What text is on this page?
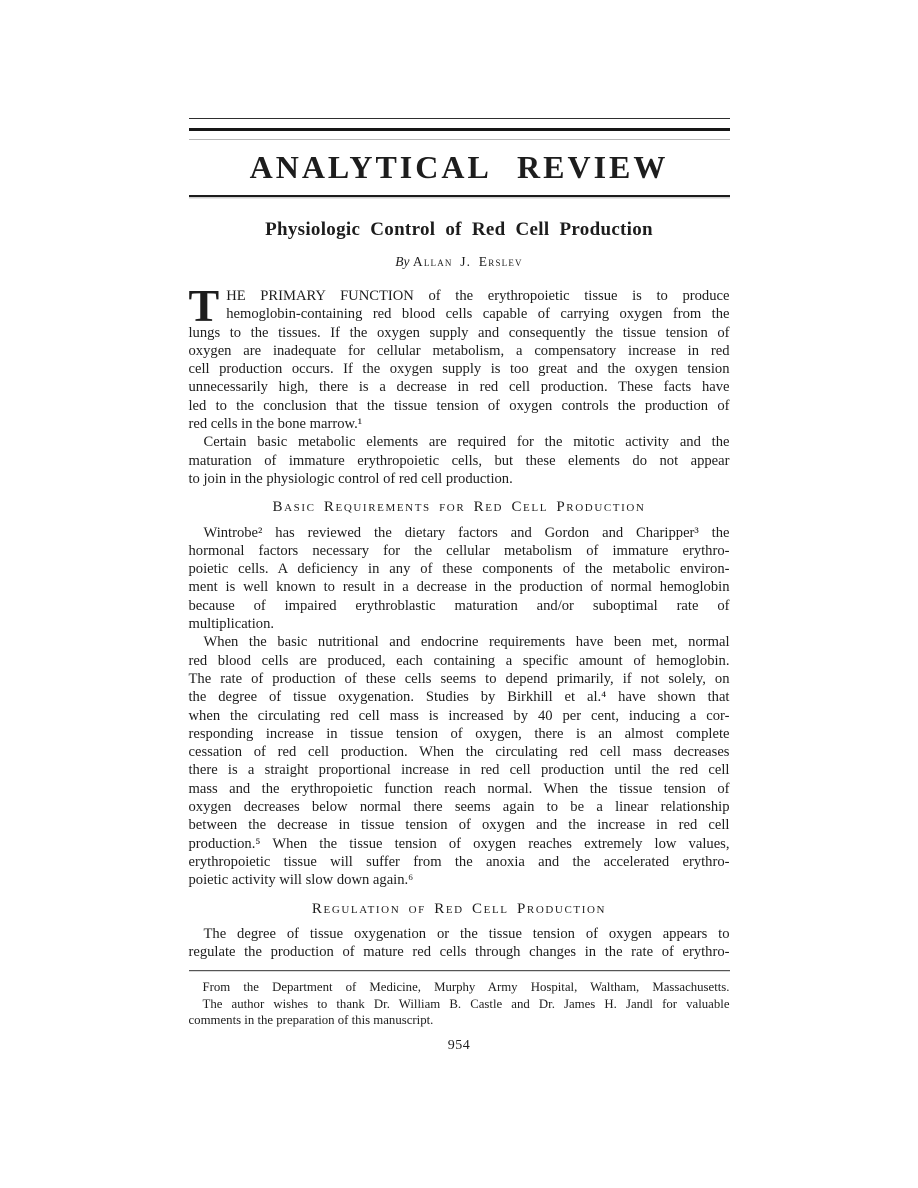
ANALYTICAL REVIEW
Physiologic Control of Red Cell Production
By Allan J. Erslev
T HE PRIMARY FUNCTION of the erythropoietic tissue is to produce
hemoglobin-containing red blood cells capable of carrying oxygen from the
lungs to the tissues. If the oxygen supply and consequently the tissue tension of
oxygen are inadequate for cellular metabolism, a compensatory increase in red
cell production occurs. If the oxygen supply is too great and the oxygen tension
unnecessarily high, there is a decrease in red cell production. These facts have
led to the conclusion that the tissue tension of oxygen controls the production of
red cells in the bone marrow.¹
Certain basic metabolic elements are required for the mitotic activity and the
maturation of immature erythropoietic cells, but these elements do not appear
to join in the physiologic control of red cell production.
Basic Requirements for Red Cell Production
Wintrobe² has reviewed the dietary factors and Gordon and Charipper³ the
hormonal factors necessary for the cellular metabolism of immature erythro-
poietic cells. A deficiency in any of these components of the metabolic environ-
ment is well known to result in a decrease in the production of normal hemoglobin
because of impaired erythroblastic maturation and/or suboptimal rate of
multiplication.
When the basic nutritional and endocrine requirements have been met, normal
red blood cells are produced, each containing a specific amount of hemoglobin.
The rate of production of these cells seems to depend primarily, if not solely, on
the degree of tissue oxygenation. Studies by Birkhill et al.⁴ have shown that
when the circulating red cell mass is increased by 40 per cent, inducing a cor-
responding increase in tissue tension of oxygen, there is an almost complete
cessation of red cell production. When the circulating red cell mass decreases
there is a straight proportional increase in red cell production until the red cell
mass and the erythropoietic function reach normal. When the tissue tension of
oxygen decreases below normal there seems again to be a linear relationship
between the decrease in tissue tension of oxygen and the increase in red cell
production.⁵ When the tissue tension of oxygen reaches extremely low values,
erythropoietic tissue will suffer from the anoxia and the accelerated erythro-
poietic activity will slow down again.⁶
Regulation of Red Cell Production
The degree of tissue oxygenation or the tissue tension of oxygen appears to
regulate the production of mature red cells through changes in the rate of erythro-
From the Department of Medicine, Murphy Army Hospital, Waltham, Massachusetts.
The author wishes to thank Dr. William B. Castle and Dr. James H. Jandl for valuable
comments in the preparation of this manuscript.
954
